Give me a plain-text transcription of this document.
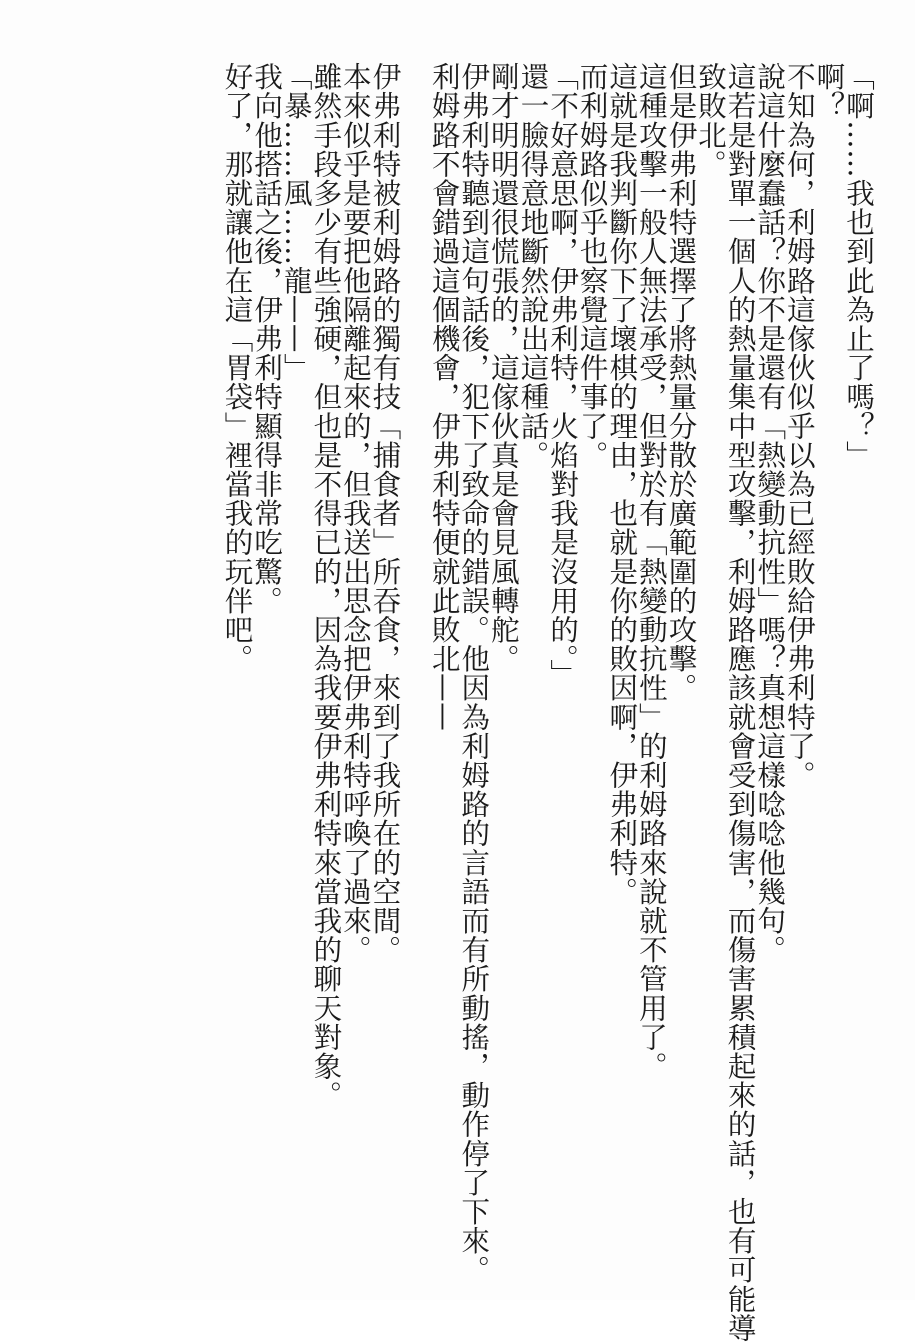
「啊……我也到此為止了嗎？」
啊？
不知為何，利姆路這傢伙似乎以為已經敗給伊弗利特了。
說這什麼蠢話？你不是還有「熱變動抗性」嗎？真想這樣唸唸他幾句。
這若是對單一個人的熱量集中型攻擊，利姆路應該就會受到傷害，而傷害累積起來的話，也有可能導
致敗北。
但是伊弗利特選擇了將熱量分散於廣範圍的攻擊。
這種攻擊一般人無法承受，但對於有「熱變動抗性」的利姆路來說就不管用了。
這就是我判斷你下了壞棋的理由，也就是你的敗因啊，伊弗利特。
而利姆路似乎也察覺這件事了。
「不好意思啊，伊弗利特，火焰對我是沒用的。」
還一臉得意地斷然說出這種話。
剛才明明還很慌張的，這傢伙真是會見風轉舵。
伊弗利特聽到這句話後，犯下了致命的錯誤。他因為利姆路的言語而有所動搖，動作停了下來。
利姆路不會錯過這個機會，伊弗利特便就此敗北——
伊弗利特被利姆路的獨有技「捕食者」所吞食，來到了我所在的空間。
本來似乎是要把他隔離起來的，但我送出思念把伊弗利特呼喚了過來。
雖然手段多少有些強硬，但也是不得已的，因為我要伊弗利特來當我的聊天對象。
「暴……風……龍——」
我向他搭話之後，伊弗利特顯得非常吃驚。
好了，那就讓他在這「胃袋」裡當我的玩伴吧。
